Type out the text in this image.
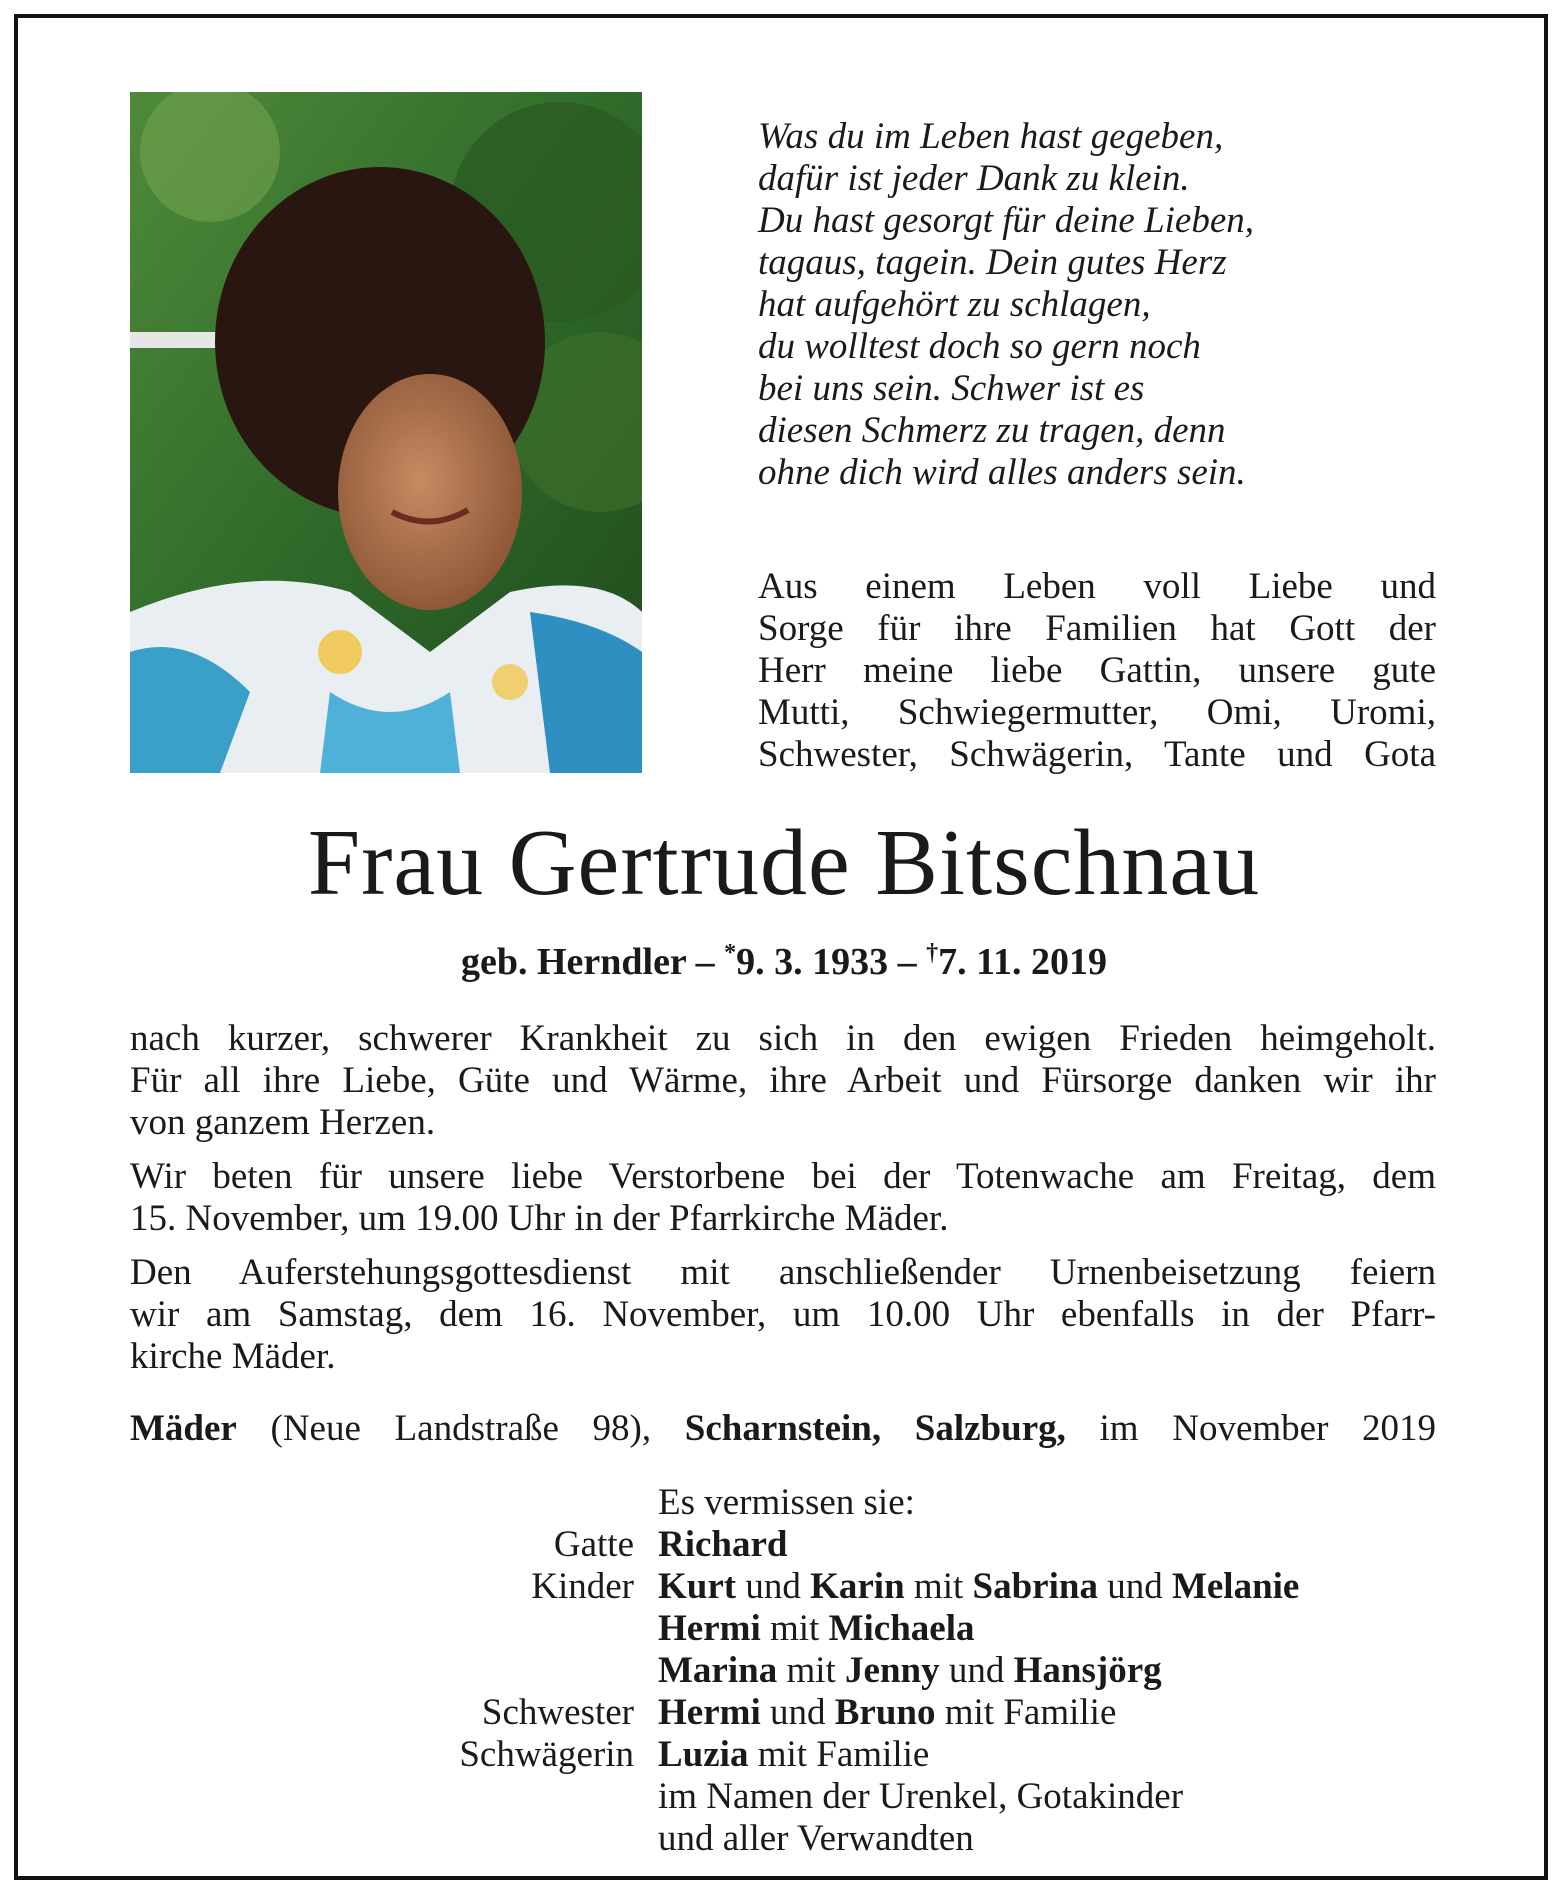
Was du im Leben hast gegeben,
dafür ist jeder Dank zu klein.
Du hast gesorgt für deine Lieben,
tagaus, tagein. Dein gutes Herz
hat aufgehört zu schlagen,
du wolltest doch so gern noch
bei uns sein. Schwer ist es
diesen Schmerz zu tragen, denn
ohne dich wird alles anders sein.
Aus einem Leben voll Liebe und
Sorge für ihre Familien hat Gott der
Herr meine liebe Gattin, unsere gute
Mutti, Schwiegermutter, Omi, Uromi,
Schwester, Schwägerin, Tante und Gota
Frau Gertrude Bitschnau
geb. Herndler – *9. 3. 1933 – †7. 11. 2019
nach kurzer, schwerer Krankheit zu sich in den ewigen Frieden heimgeholt.
Für all ihre Liebe, Güte und Wärme, ihre Arbeit und Fürsorge danken wir ihr
von ganzem Herzen.
Wir beten für unsere liebe Verstorbene bei der Totenwache am Freitag, dem
15. November, um 19.00 Uhr in der Pfarrkirche Mäder.
Den Auferstehungsgottesdienst mit anschließender Urnenbeisetzung feiern
wir am Samstag, dem 16. November, um 10.00 Uhr ebenfalls in der Pfarr-
kirche Mäder.
Mäder (Neue Landstraße 98), Scharnstein, Salzburg, im November 2019
Es vermissen sie:
Gatte Richard
Kinder Kurt und Karin mit Sabrina und Melanie
Hermi mit Michaela
Marina mit Jenny und Hansjörg
Schwester Hermi und Bruno mit Familie
Schwägerin Luzia mit Familie
im Namen der Urenkel, Gotakinder
und aller Verwandten
